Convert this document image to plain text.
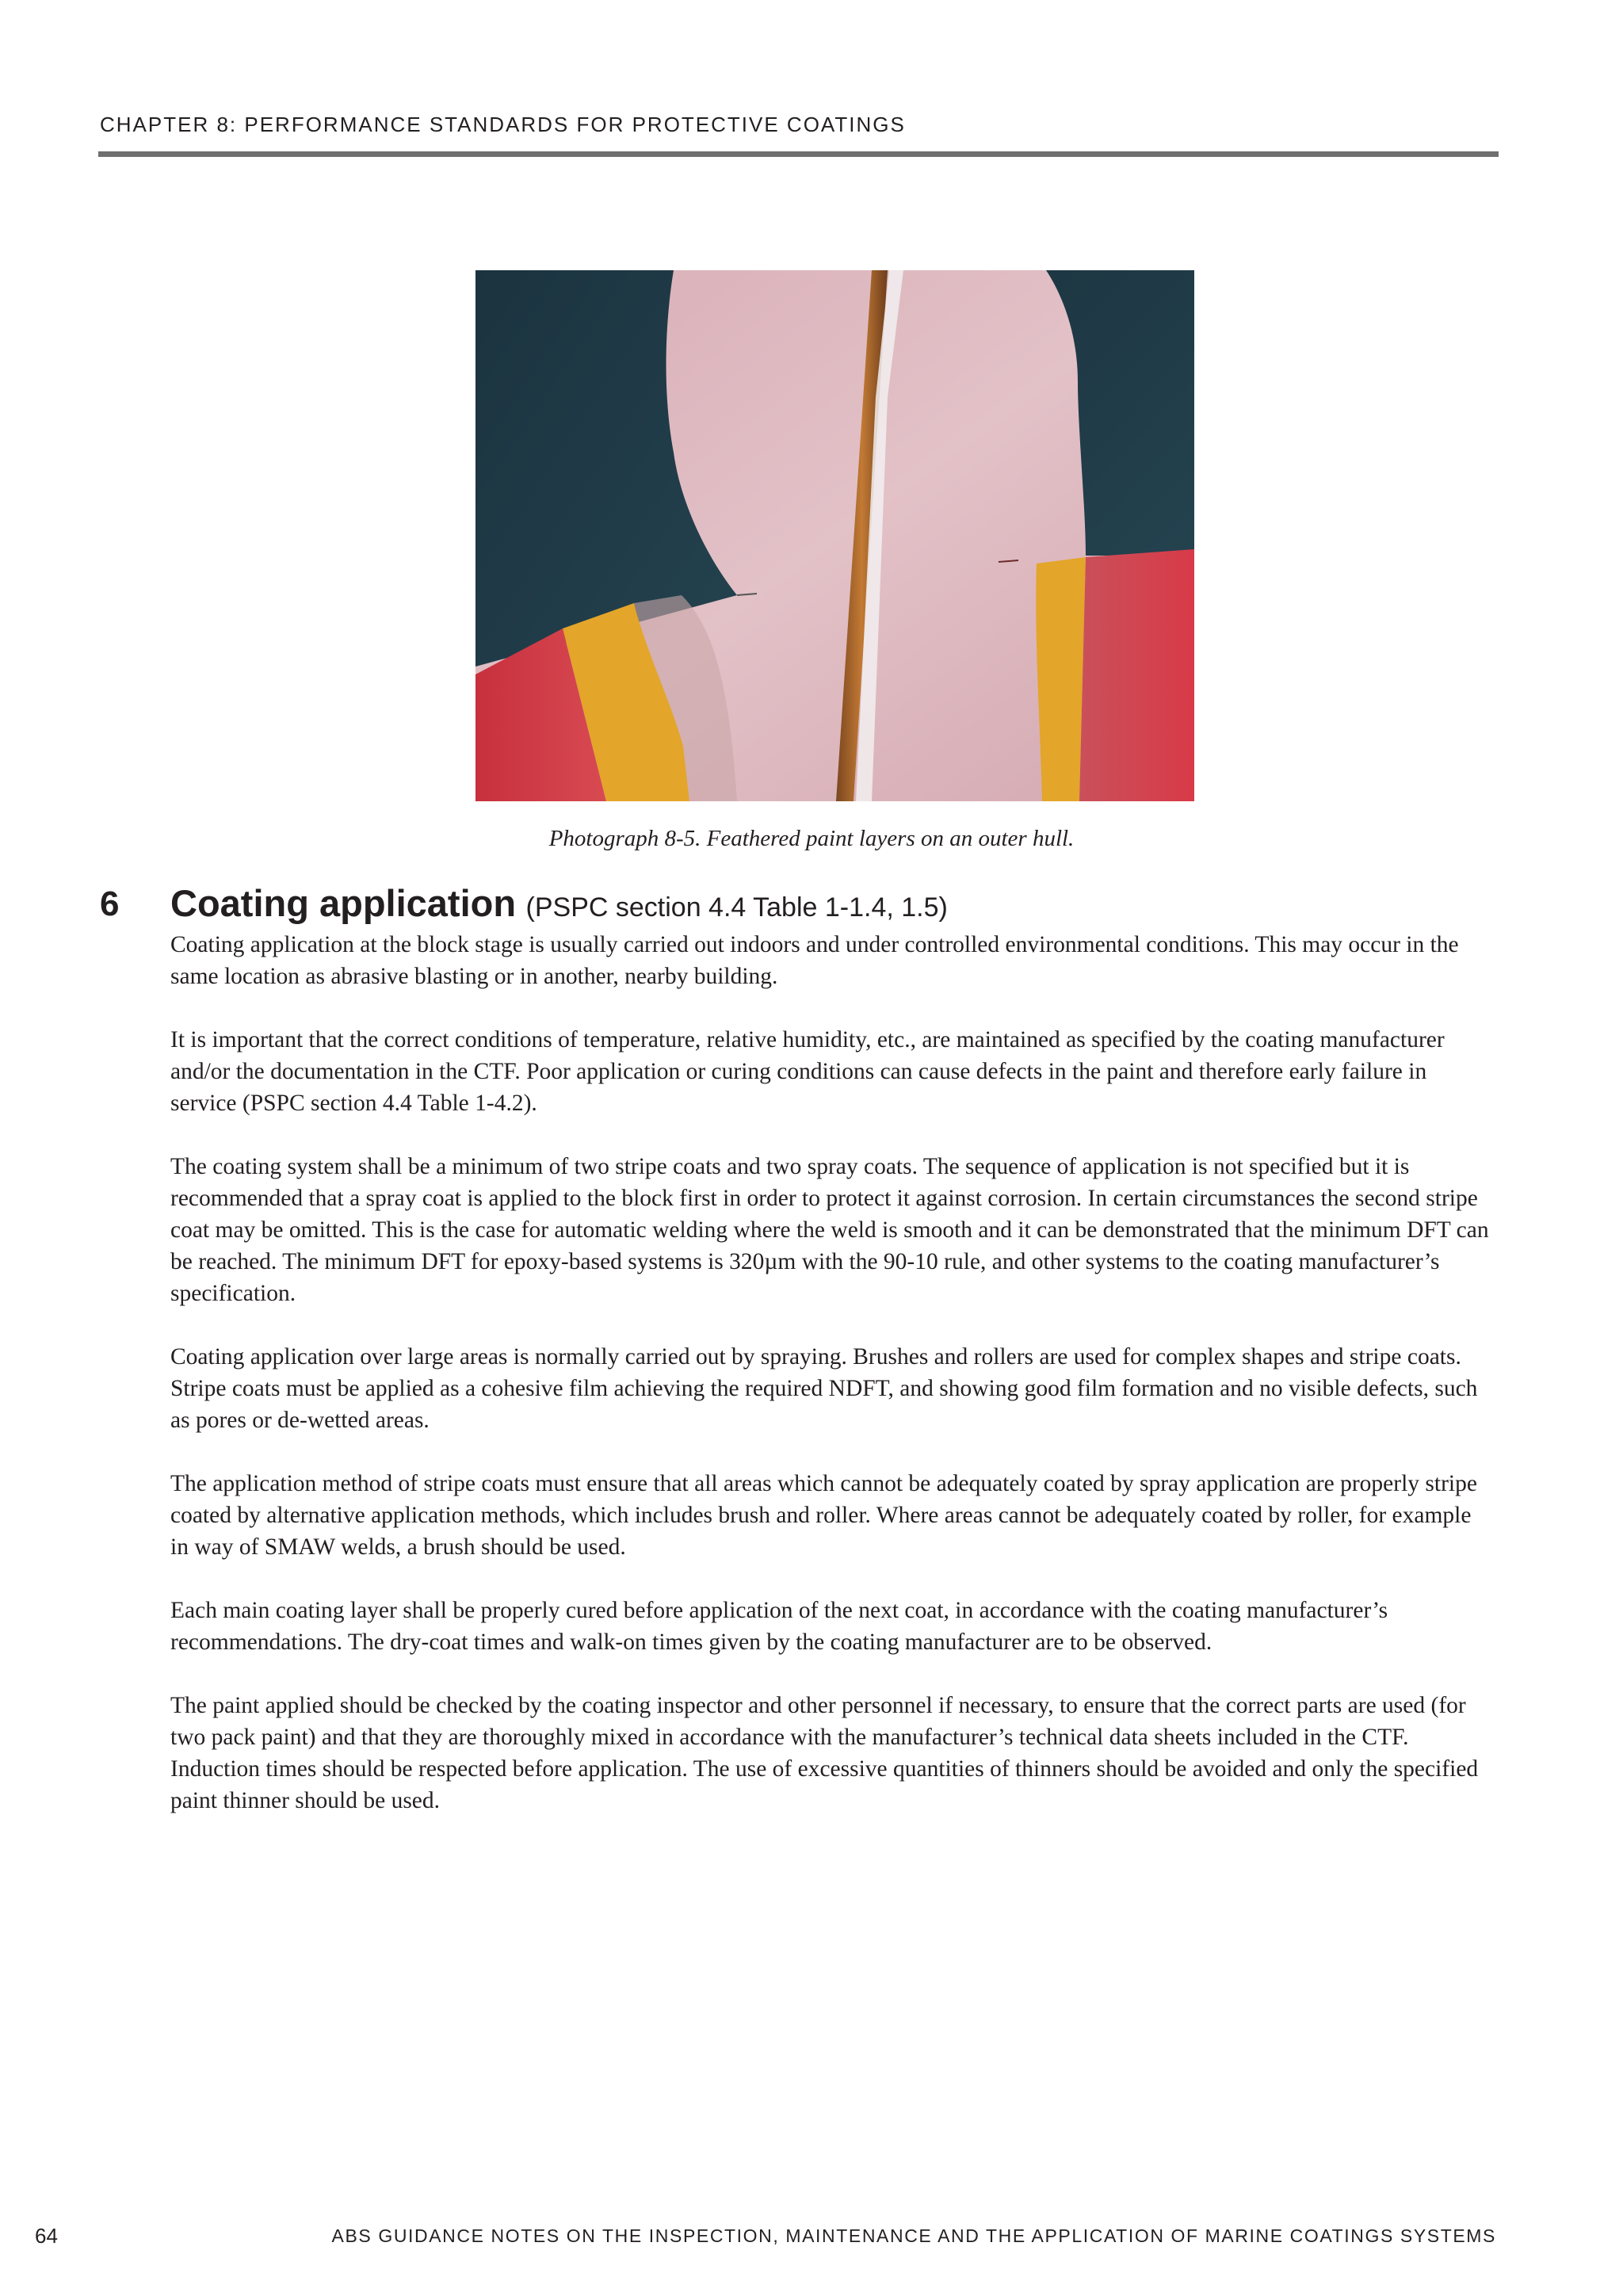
CHAPTER 8: PERFORMANCE STANDARDS FOR PROTECTIVE COATINGS
Photograph 8-5. Feathered paint layers on an outer hull.
6 Coating application (PSPC section 4.4 Table 1-1.4, 1.5)

Coating application at the block stage is usually carried out indoors and under controlled environmental conditions. This may occur in the same location as abrasive blasting or in another, nearby building.

It is important that the correct conditions of temperature, relative humidity, etc., are maintained as specified by the coating manufacturer and/or the documentation in the CTF. Poor application or curing conditions can cause defects in the paint and therefore early failure in service (PSPC section 4.4 Table 1-4.2).

The coating system shall be a minimum of two stripe coats and two spray coats. The sequence of application is not specified but it is recommended that a spray coat is applied to the block first in order to protect it against corrosion. In certain circumstances the second stripe coat may be omitted. This is the case for automatic welding where the weld is smooth and it can be demonstrated that the minimum DFT can be reached. The minimum DFT for epoxy-based systems is 320µm with the 90-10 rule, and other systems to the coating manufacturer’s specification.

Coating application over large areas is normally carried out by spraying. Brushes and rollers are used for complex shapes and stripe coats. Stripe coats must be applied as a cohesive film achieving the required NDFT, and showing good film formation and no visible defects, such as pores or de-wetted areas.

The application method of stripe coats must ensure that all areas which cannot be adequately coated by spray application are properly stripe coated by alternative application methods, which includes brush and roller. Where areas cannot be adequately coated by roller, for example in way of SMAW welds, a brush should be used.

Each main coating layer shall be properly cured before application of the next coat, in accordance with the coating manufacturer’s recommendations. The dry-coat times and walk-on times given by the coating manufacturer are to be observed.

The paint applied should be checked by the coating inspector and other personnel if necessary, to ensure that the correct parts are used (for two pack paint) and that they are thoroughly mixed in accordance with the manufacturer’s technical data sheets included in the CTF. Induction times should be respected before application. The use of excessive quantities of thinners should be avoided and only the specified paint thinner should be used.

64	ABS GUIDANCE NOTES ON THE INSPECTION, MAINTENANCE AND THE APPLICATION OF MARINE COATINGS SYSTEMS
